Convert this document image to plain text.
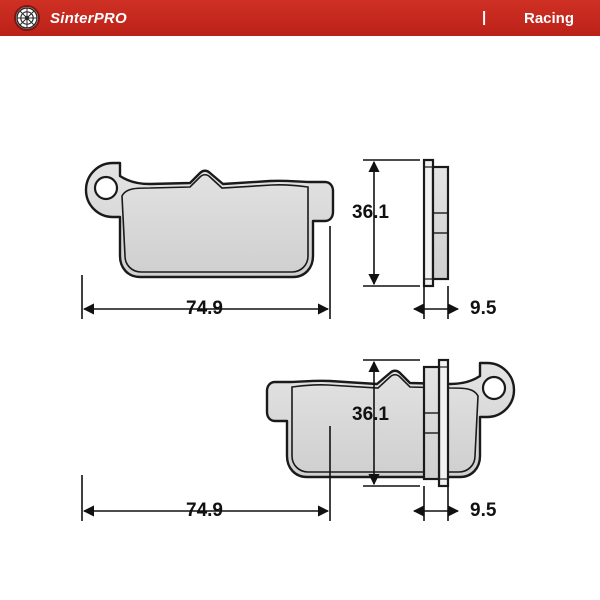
SinterPRO	|	Racing
36.1
74.9	9.5
36.1
74.9	9.5
